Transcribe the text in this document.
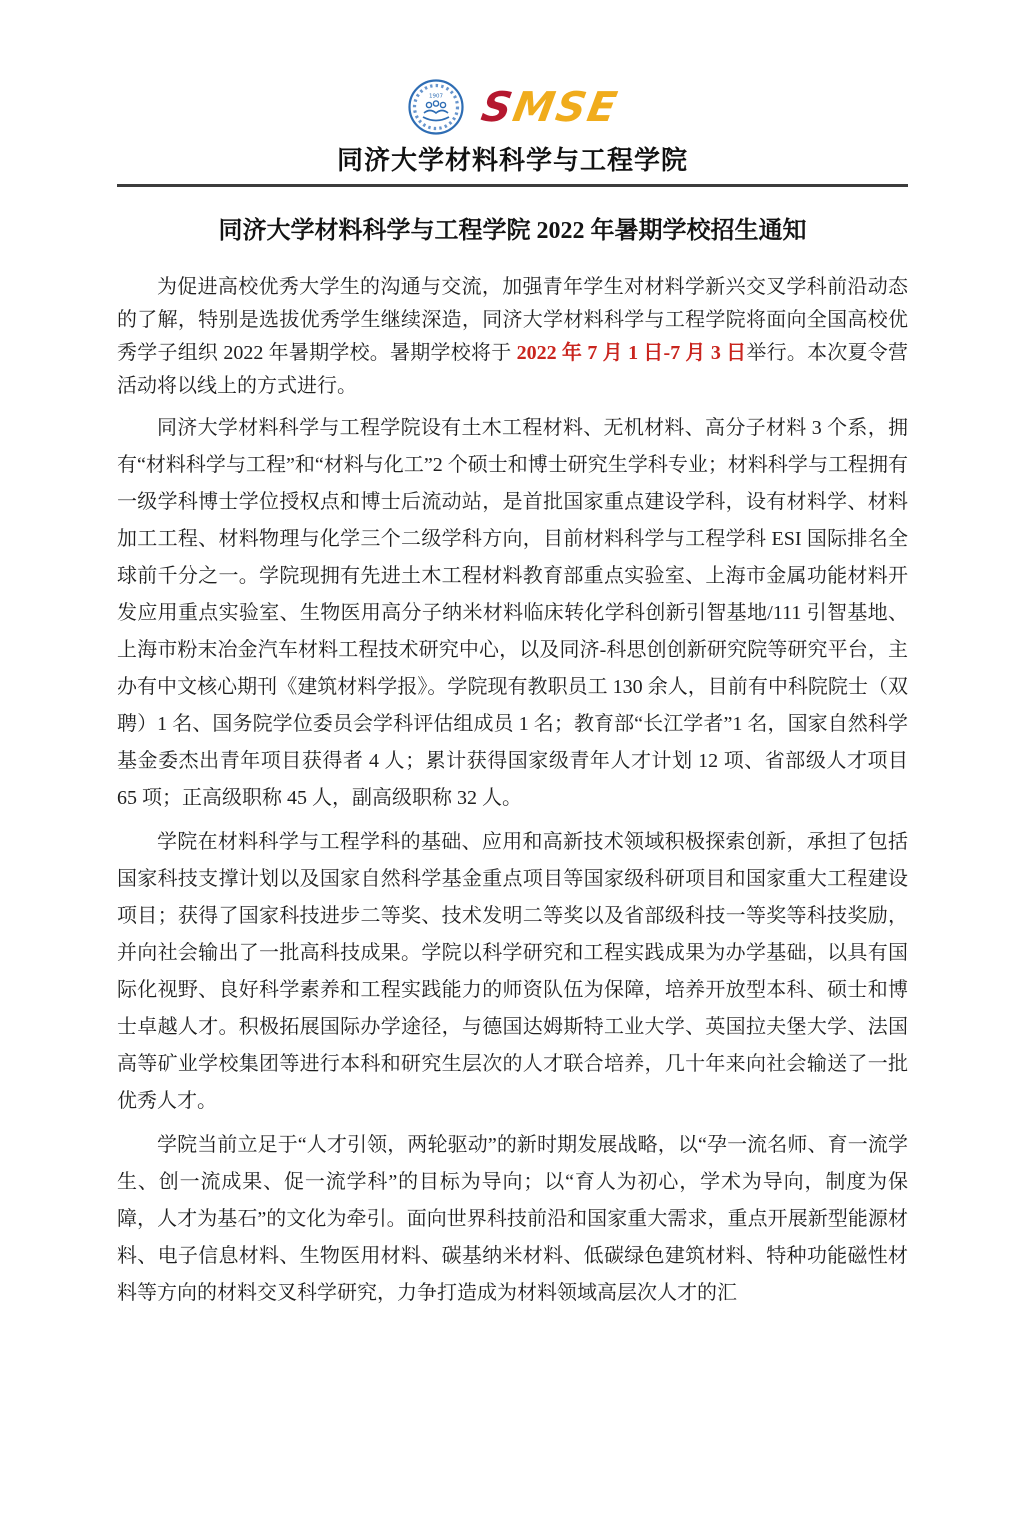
1907 SMSE
同济大学材料科学与工程学院
同济大学材料科学与工程学院 2022 年暑期学校招生通知

为促进高校优秀大学生的沟通与交流，加强青年学生对材料学新兴交叉学科前沿动态的了解，特别是选拔优秀学生继续深造，同济大学材料科学与工程学院将面向全国高校优秀学子组织 2022 年暑期学校。暑期学校将于 2022 年 7 月 1 日-7 月 3 日举行。本次夏令营活动将以线上的方式进行。

同济大学材料科学与工程学院设有土木工程材料、无机材料、高分子材料 3 个系，拥有“材料科学与工程”和“材料与化工”2 个硕士和博士研究生学科专业；材料科学与工程拥有一级学科博士学位授权点和博士后流动站，是首批国家重点建设学科，设有材料学、材料加工工程、材料物理与化学三个二级学科方向，目前材料科学与工程学科 ESI 国际排名全球前千分之一。学院现拥有先进土木工程材料教育部重点实验室、上海市金属功能材料开发应用重点实验室、生物医用高分子纳米材料临床转化学科创新引智基地/111 引智基地、上海市粉末冶金汽车材料工程技术研究中心，以及同济-科思创创新研究院等研究平台，主办有中文核心期刊《建筑材料学报》。学院现有教职员工 130 余人，目前有中科院院士（双聘）1 名、国务院学位委员会学科评估组成员 1 名；教育部“长江学者”1 名，国家自然科学基金委杰出青年项目获得者 4 人；累计获得国家级青年人才计划 12 项、省部级人才项目 65 项；正高级职称 45 人，副高级职称 32 人。

学院在材料科学与工程学科的基础、应用和高新技术领域积极探索创新，承担了包括国家科技支撑计划以及国家自然科学基金重点项目等国家级科研项目和国家重大工程建设项目；获得了国家科技进步二等奖、技术发明二等奖以及省部级科技一等奖等科技奖励，并向社会输出了一批高科技成果。学院以科学研究和工程实践成果为办学基础，以具有国际化视野、良好科学素养和工程实践能力的师资队伍为保障，培养开放型本科、硕士和博士卓越人才。积极拓展国际办学途径，与德国达姆斯特工业大学、英国拉夫堡大学、法国高等矿业学校集团等进行本科和研究生层次的人才联合培养，几十年来向社会输送了一批优秀人才。

学院当前立足于“人才引领，两轮驱动”的新时期发展战略，以“孕一流名师、育一流学生、创一流成果、促一流学科”的目标为导向；以“育人为初心，学术为导向，制度为保障，人才为基石”的文化为牵引。面向世界科技前沿和国家重大需求，重点开展新型能源材料、电子信息材料、生物医用材料、碳基纳米材料、低碳绿色建筑材料、特种功能磁性材料等方向的材料交叉科学研究，力争打造成为材料领域高层次人才的汇
